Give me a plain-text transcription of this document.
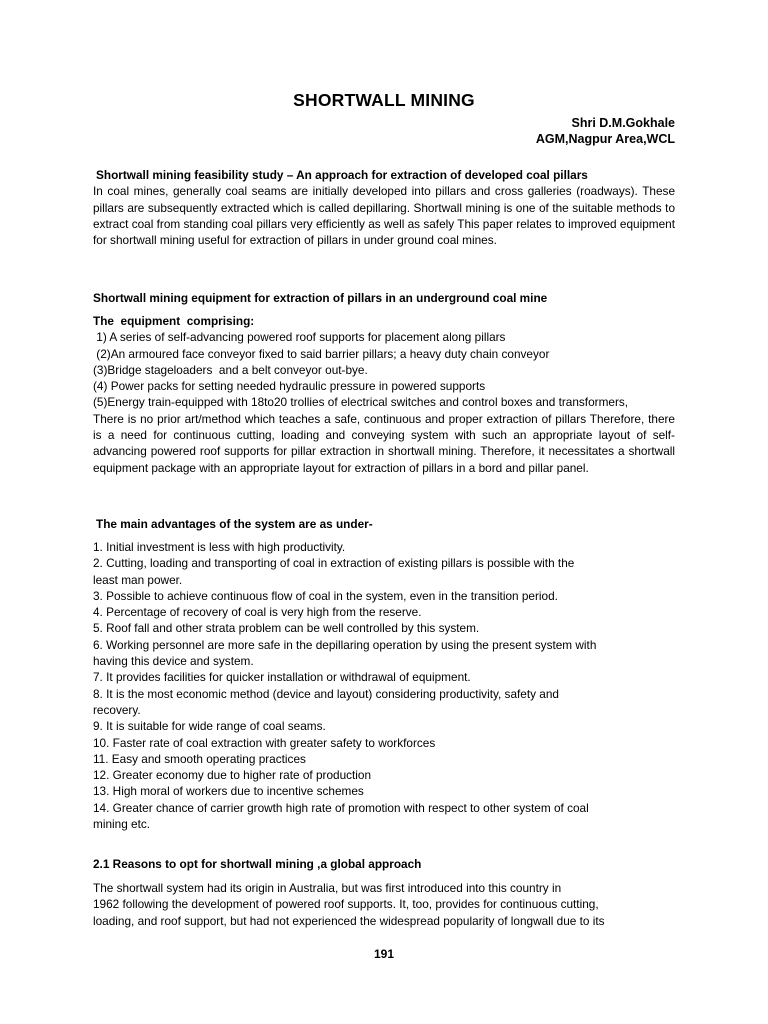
SHORTWALL MINING
Shri D.M.Gokhale
AGM,Nagpur Area,WCL
Shortwall mining feasibility study – An approach for extraction of developed coal pillars
In coal mines, generally coal seams are initially developed into pillars and cross galleries (roadways). These pillars are subsequently extracted which is called depillaring. Shortwall mining is one of the suitable methods to extract coal from standing coal pillars very efficiently as well as safely This paper relates to improved equipment for shortwall mining useful for extraction of pillars in under ground coal mines.
Shortwall mining equipment for extraction of pillars in an underground coal mine
The  equipment  comprising:
1) A series of self-advancing powered roof supports for placement along pillars
(2)An armoured face conveyor fixed to said barrier pillars; a heavy duty chain conveyor
(3)Bridge stageloaders  and a belt conveyor out-bye.
(4) Power packs for setting needed hydraulic pressure in powered supports
(5)Energy train-equipped with 18to20 trollies of electrical switches and control boxes and transformers,
There is no prior art/method which teaches a safe, continuous and proper extraction of pillars Therefore, there is a need for continuous cutting, loading and conveying system with such an appropriate layout of self-advancing powered roof supports for pillar extraction in shortwall mining. Therefore, it necessitates a shortwall equipment package with an appropriate layout for extraction of pillars in a bord and pillar panel.
The main advantages of the system are as under-
1. Initial investment is less with high productivity.
2. Cutting, loading and transporting of coal in extraction of existing pillars is possible with the
least man power.
3. Possible to achieve continuous flow of coal in the system, even in the transition period.
4. Percentage of recovery of coal is very high from the reserve.
5. Roof fall and other strata problem can be well controlled by this system.
6. Working personnel are more safe in the depillaring operation by using the present system with
having this device and system.
7. It provides facilities for quicker installation or withdrawal of equipment.
8. It is the most economic method (device and layout) considering productivity, safety and
recovery.
9. It is suitable for wide range of coal seams.
10. Faster rate of coal extraction with greater safety to workforces
11. Easy and smooth operating practices
12. Greater economy due to higher rate of production
13. High moral of workers due to incentive schemes
14. Greater chance of carrier growth high rate of promotion with respect to other system of coal
mining etc.
2.1 Reasons to opt for shortwall mining ,a global approach
The shortwall system had its origin in Australia, but was first introduced into this country in
1962 following the development of powered roof supports. It, too, provides for continuous cutting,
loading, and roof support, but had not experienced the widespread popularity of longwall due to its
191
